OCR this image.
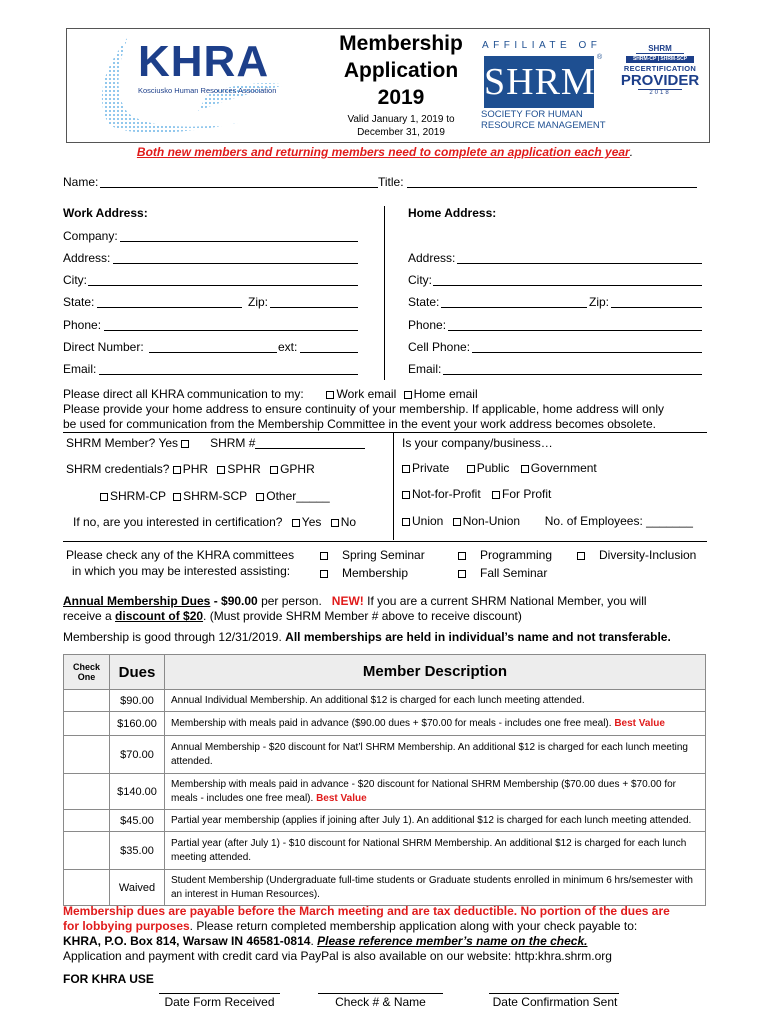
KHRA
Kosciusko Human Resources Association
Membership
Application
2019
Valid January 1, 2019 to
December 31, 2019
AFFILIATE OF
SHRM
®
SOCIETY FOR HUMAN
RESOURCE MANAGEMENT
SHRM
SHRM-CP | SHRM-SCP
RECERTIFICATION
PROVIDER
2018
Both new members and returning members need to complete an application each year.
Name:	Title:
Work Address:	Home Address:
Company:
Address:
City:
State:	Zip:
Phone:
Direct Number:	ext:
Email:
Address:
City:
State:	Zip:
Phone:
Cell Phone:
Email:
Please direct all KHRA communication to my:	Work email Home email
Please provide your home address to ensure continuity of your membership. If applicable, home address will only
be used for communication from the Membership Committee in the event your work address becomes obsolete.
SHRM Member? Yes	SHRM #	Is your company/business…
SHRM credentials? PHR SPHR GPHR	Private Public Government
SHRM-CP SHRM-SCP Other_____	Not-for-Profit For Profit
If no, are you interested in certification? Yes No	Union Non-Union No. of Employees: _______
Please check any of the KHRA committees
in which you may be interested assisting:
Spring Seminar
Membership
Programming
Fall Seminar
Diversity-Inclusion
Annual Membership Dues - $90.00 per person.   NEW! If you are a current SHRM National Member, you will
receive a discount of $20. (Must provide SHRM Member # above to receive discount)
Membership is good through 12/31/2019. All memberships are held in individual’s name and not transferable.
Check
One	Dues	Member Description

	$90.00	Annual Individual Membership. An additional $12 is charged for each lunch meeting attended.
	$160.00	Membership with meals paid in advance ($90.00 dues + $70.00 for meals - includes one free meal). Best Value
	$70.00	Annual Membership - $20 discount for Nat’l SHRM Membership. An additional $12 is charged for each lunch meeting attended.
	$140.00	Membership with meals paid in advance - $20 discount for National SHRM Membership ($70.00 dues + $70.00 for meals - includes one free meal). Best Value
	$45.00	Partial year membership (applies if joining after July 1). An additional $12 is charged for each lunch meeting attended.
	$35.00	Partial year (after July 1) - $10 discount for National SHRM Membership. An additional $12 is charged for each lunch meeting attended.
	Waived	Student Membership (Undergraduate full-time students or Graduate students enrolled in minimum 6 hrs/semester with an interest in Human Resources).
Membership dues are payable before the March meeting and are tax deductible. No portion of the dues are
for lobbying purposes. Please return completed membership application along with your check payable to:
KHRA, P.O. Box 814, Warsaw IN 46581-0814. Please reference member’s name on the check.
Application and payment with credit card via PayPal is also available on our website: http:khra.shrm.org
FOR KHRA USE
Date Form Received	Check # & Name	Date Confirmation Sent
